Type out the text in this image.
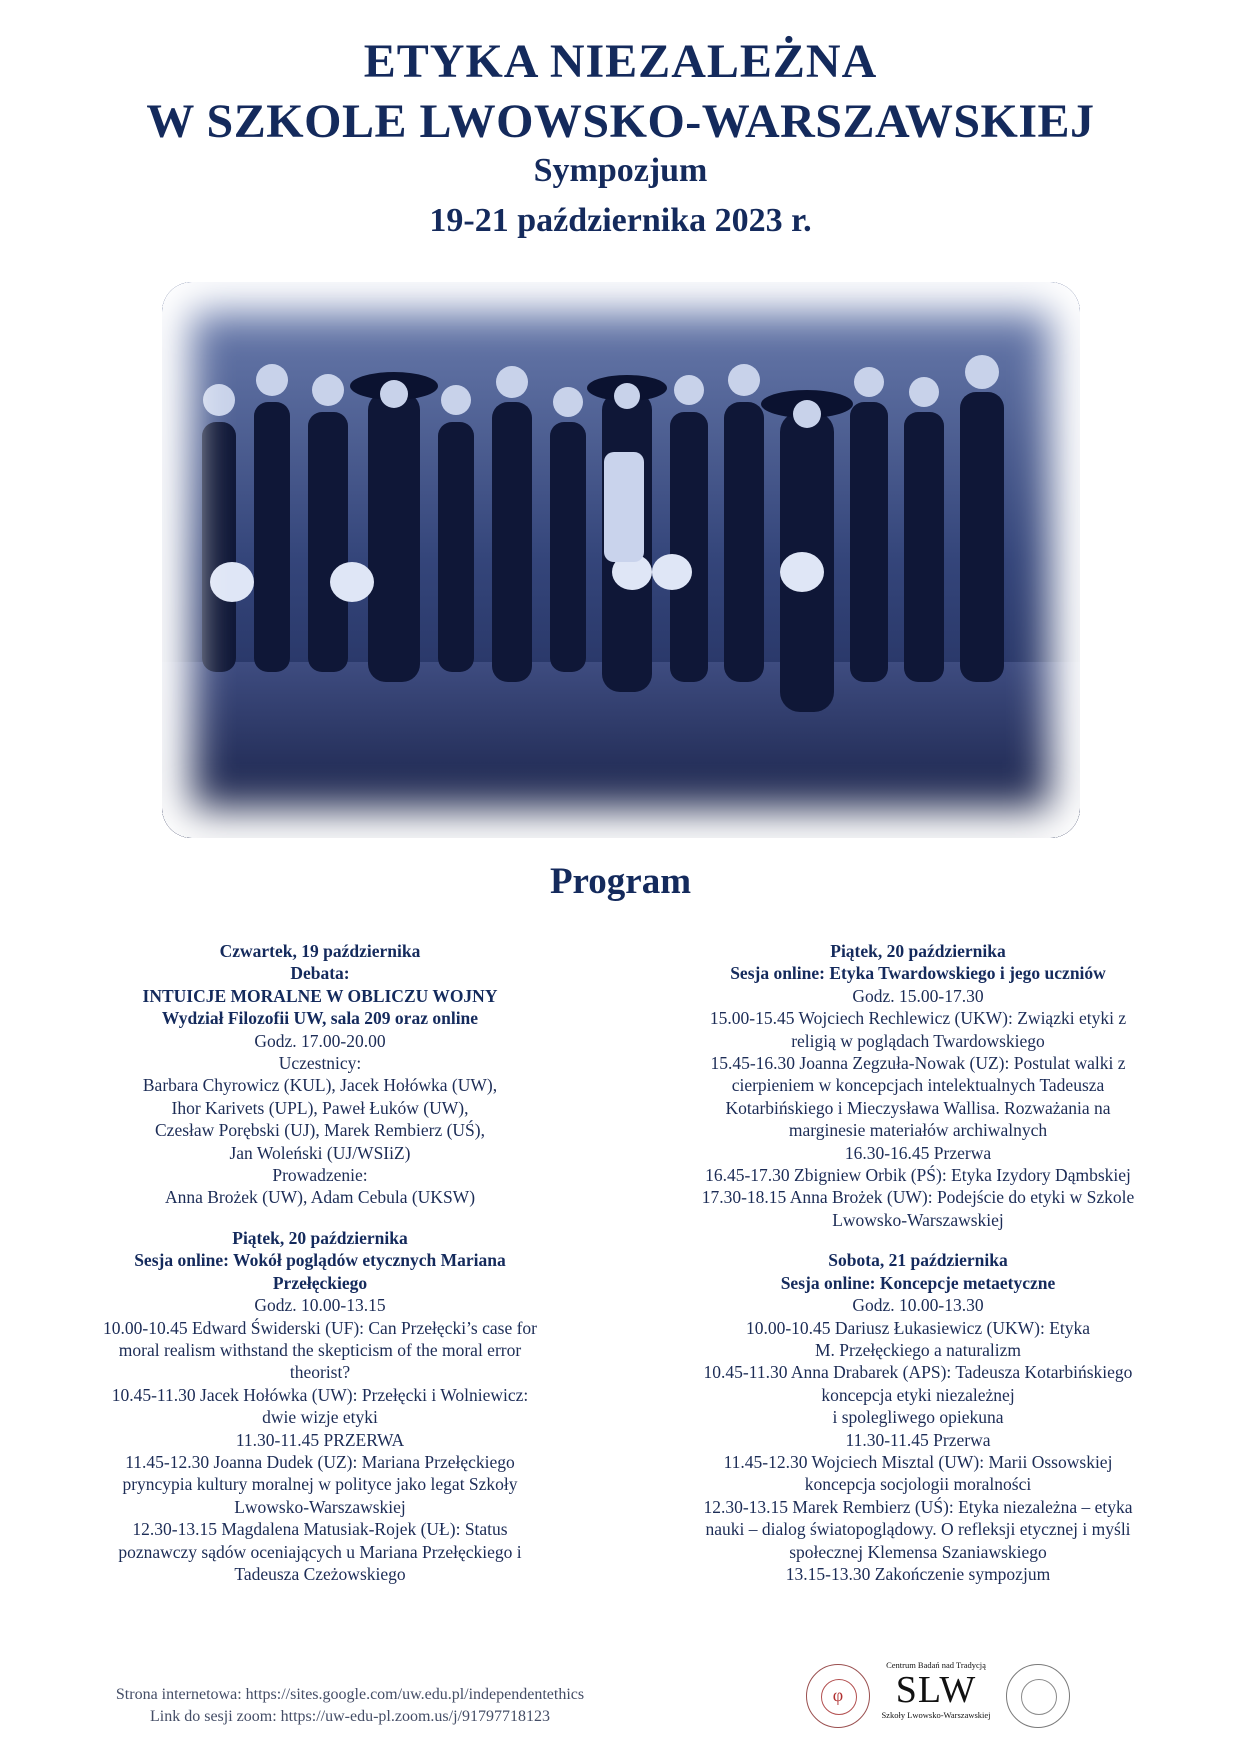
ETYKA NIEZALEŻNA
W SZKOLE LWOWSKO-WARSZAWSKIEJ
Sympozjum
19-21 października 2023 r.
Program
Czwartek, 19 października
Debata:
INTUICJE MORALNE W OBLICZU WOJNY
Wydział Filozofii UW, sala 209 oraz online
Godz. 17.00-20.00
Uczestnicy:
Barbara Chyrowicz (KUL), Jacek Hołówka (UW),
Ihor Karivets (UPL), Paweł Łuków (UW),
Czesław Porębski (UJ), Marek Rembierz (UŚ),
Jan Woleński (UJ/WSIiZ)
Prowadzenie:
Anna Brożek (UW), Adam Cebula (UKSW)
Piątek, 20 października
Sesja online: Wokół poglądów etycznych Mariana
Przełęckiego
Godz. 10.00-13.15
10.00-10.45 Edward Świderski (UF): Can Przełęcki’s case for
moral realism withstand the skepticism of the moral error
theorist?
10.45-11.30 Jacek Hołówka (UW): Przełęcki i Wolniewicz:
dwie wizje etyki
11.30-11.45 PRZERWA
11.45-12.30 Joanna Dudek (UZ): Mariana Przełęckiego
pryncypia kultury moralnej w polityce jako legat Szkoły
Lwowsko-Warszawskiej
12.30-13.15 Magdalena Matusiak-Rojek (UŁ): Status
poznawczy sądów oceniających u Mariana Przełęckiego i
Tadeusza Czeżowskiego
Piątek, 20 października
Sesja online: Etyka Twardowskiego i jego uczniów
Godz. 15.00-17.30
15.00-15.45 Wojciech Rechlewicz (UKW): Związki etyki z
religią w poglądach Twardowskiego
15.45-16.30 Joanna Zegzuła-Nowak (UZ): Postulat walki z
cierpieniem w koncepcjach intelektualnych Tadeusza
Kotarbińskiego i Mieczysława Wallisa. Rozważania na
marginesie materiałów archiwalnych
16.30-16.45 Przerwa
16.45-17.30 Zbigniew Orbik (PŚ): Etyka Izydory Dąmbskiej
17.30-18.15 Anna Brożek (UW): Podejście do etyki w Szkole
Lwowsko-Warszawskiej
Sobota, 21 października
Sesja online: Koncepcje metaetyczne
Godz. 10.00-13.30
10.00-10.45 Dariusz Łukasiewicz (UKW): Etyka
M. Przełęckiego a naturalizm
10.45-11.30 Anna Drabarek (APS): Tadeusza Kotarbińskiego
koncepcja etyki niezależnej
i spolegliwego opiekuna
11.30-11.45 Przerwa
11.45-12.30 Wojciech Misztal (UW): Marii Ossowskiej
koncepcja socjologii moralności
12.30-13.15 Marek Rembierz (UŚ): Etyka niezależna – etyka
nauki – dialog światopoglądowy. O refleksji etycznej i myśli
społecznej Klemensa Szaniawskiego
13.15-13.30 Zakończenie sympozjum
Strona internetowa: https://sites.google.com/uw.edu.pl/independentethics
Link do sesji zoom: https://uw-edu-pl.zoom.us/j/91797718123
φ
Centrum Badań nad Tradycją
SLW
Szkoły Lwowsko-Warszawskiej
